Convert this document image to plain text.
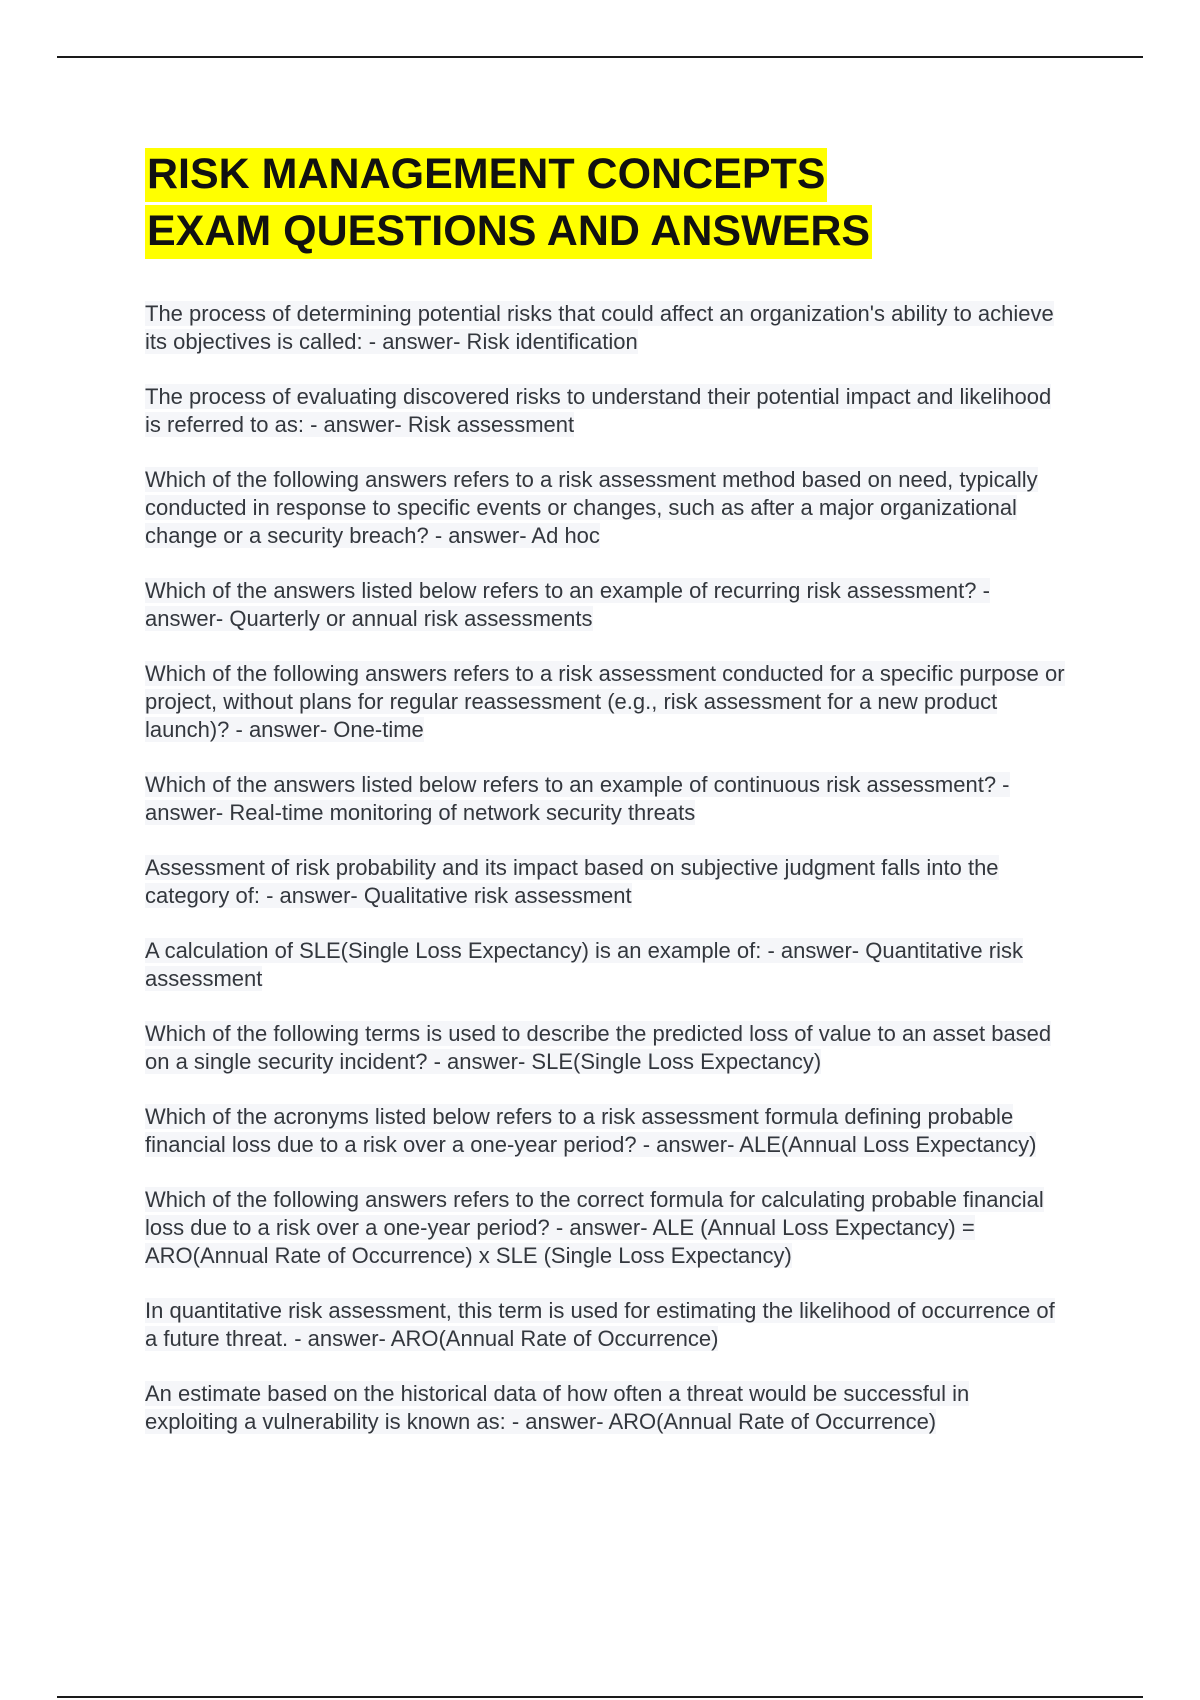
RISK MANAGEMENT CONCEPTS
EXAM QUESTIONS AND ANSWERS

The process of determining potential risks that could affect an organization's ability to achieve its objectives is called: - answer- Risk identification

The process of evaluating discovered risks to understand their potential impact and likelihood is referred to as: - answer- Risk assessment

Which of the following answers refers to a risk assessment method based on need, typically conducted in response to specific events or changes, such as after a major organizational change or a security breach? - answer- Ad hoc

Which of the answers listed below refers to an example of recurring risk assessment? - answer- Quarterly or annual risk assessments

Which of the following answers refers to a risk assessment conducted for a specific purpose or project, without plans for regular reassessment (e.g., risk assessment for a new product launch)? - answer- One-time

Which of the answers listed below refers to an example of continuous risk assessment? - answer- Real-time monitoring of network security threats

Assessment of risk probability and its impact based on subjective judgment falls into the category of: - answer- Qualitative risk assessment

A calculation of SLE(Single Loss Expectancy) is an example of: - answer- Quantitative risk assessment

Which of the following terms is used to describe the predicted loss of value to an asset based on a single security incident? - answer- SLE(Single Loss Expectancy)

Which of the acronyms listed below refers to a risk assessment formula defining probable financial loss due to a risk over a one-year period? - answer- ALE(Annual Loss Expectancy)

Which of the following answers refers to the correct formula for calculating probable financial loss due to a risk over a one-year period? - answer- ALE (Annual Loss Expectancy) = ARO(Annual Rate of Occurrence) x SLE (Single Loss Expectancy)

In quantitative risk assessment, this term is used for estimating the likelihood of occurrence of a future threat. - answer- ARO(Annual Rate of Occurrence)

An estimate based on the historical data of how often a threat would be successful in exploiting a vulnerability is known as: - answer- ARO(Annual Rate of Occurrence)
